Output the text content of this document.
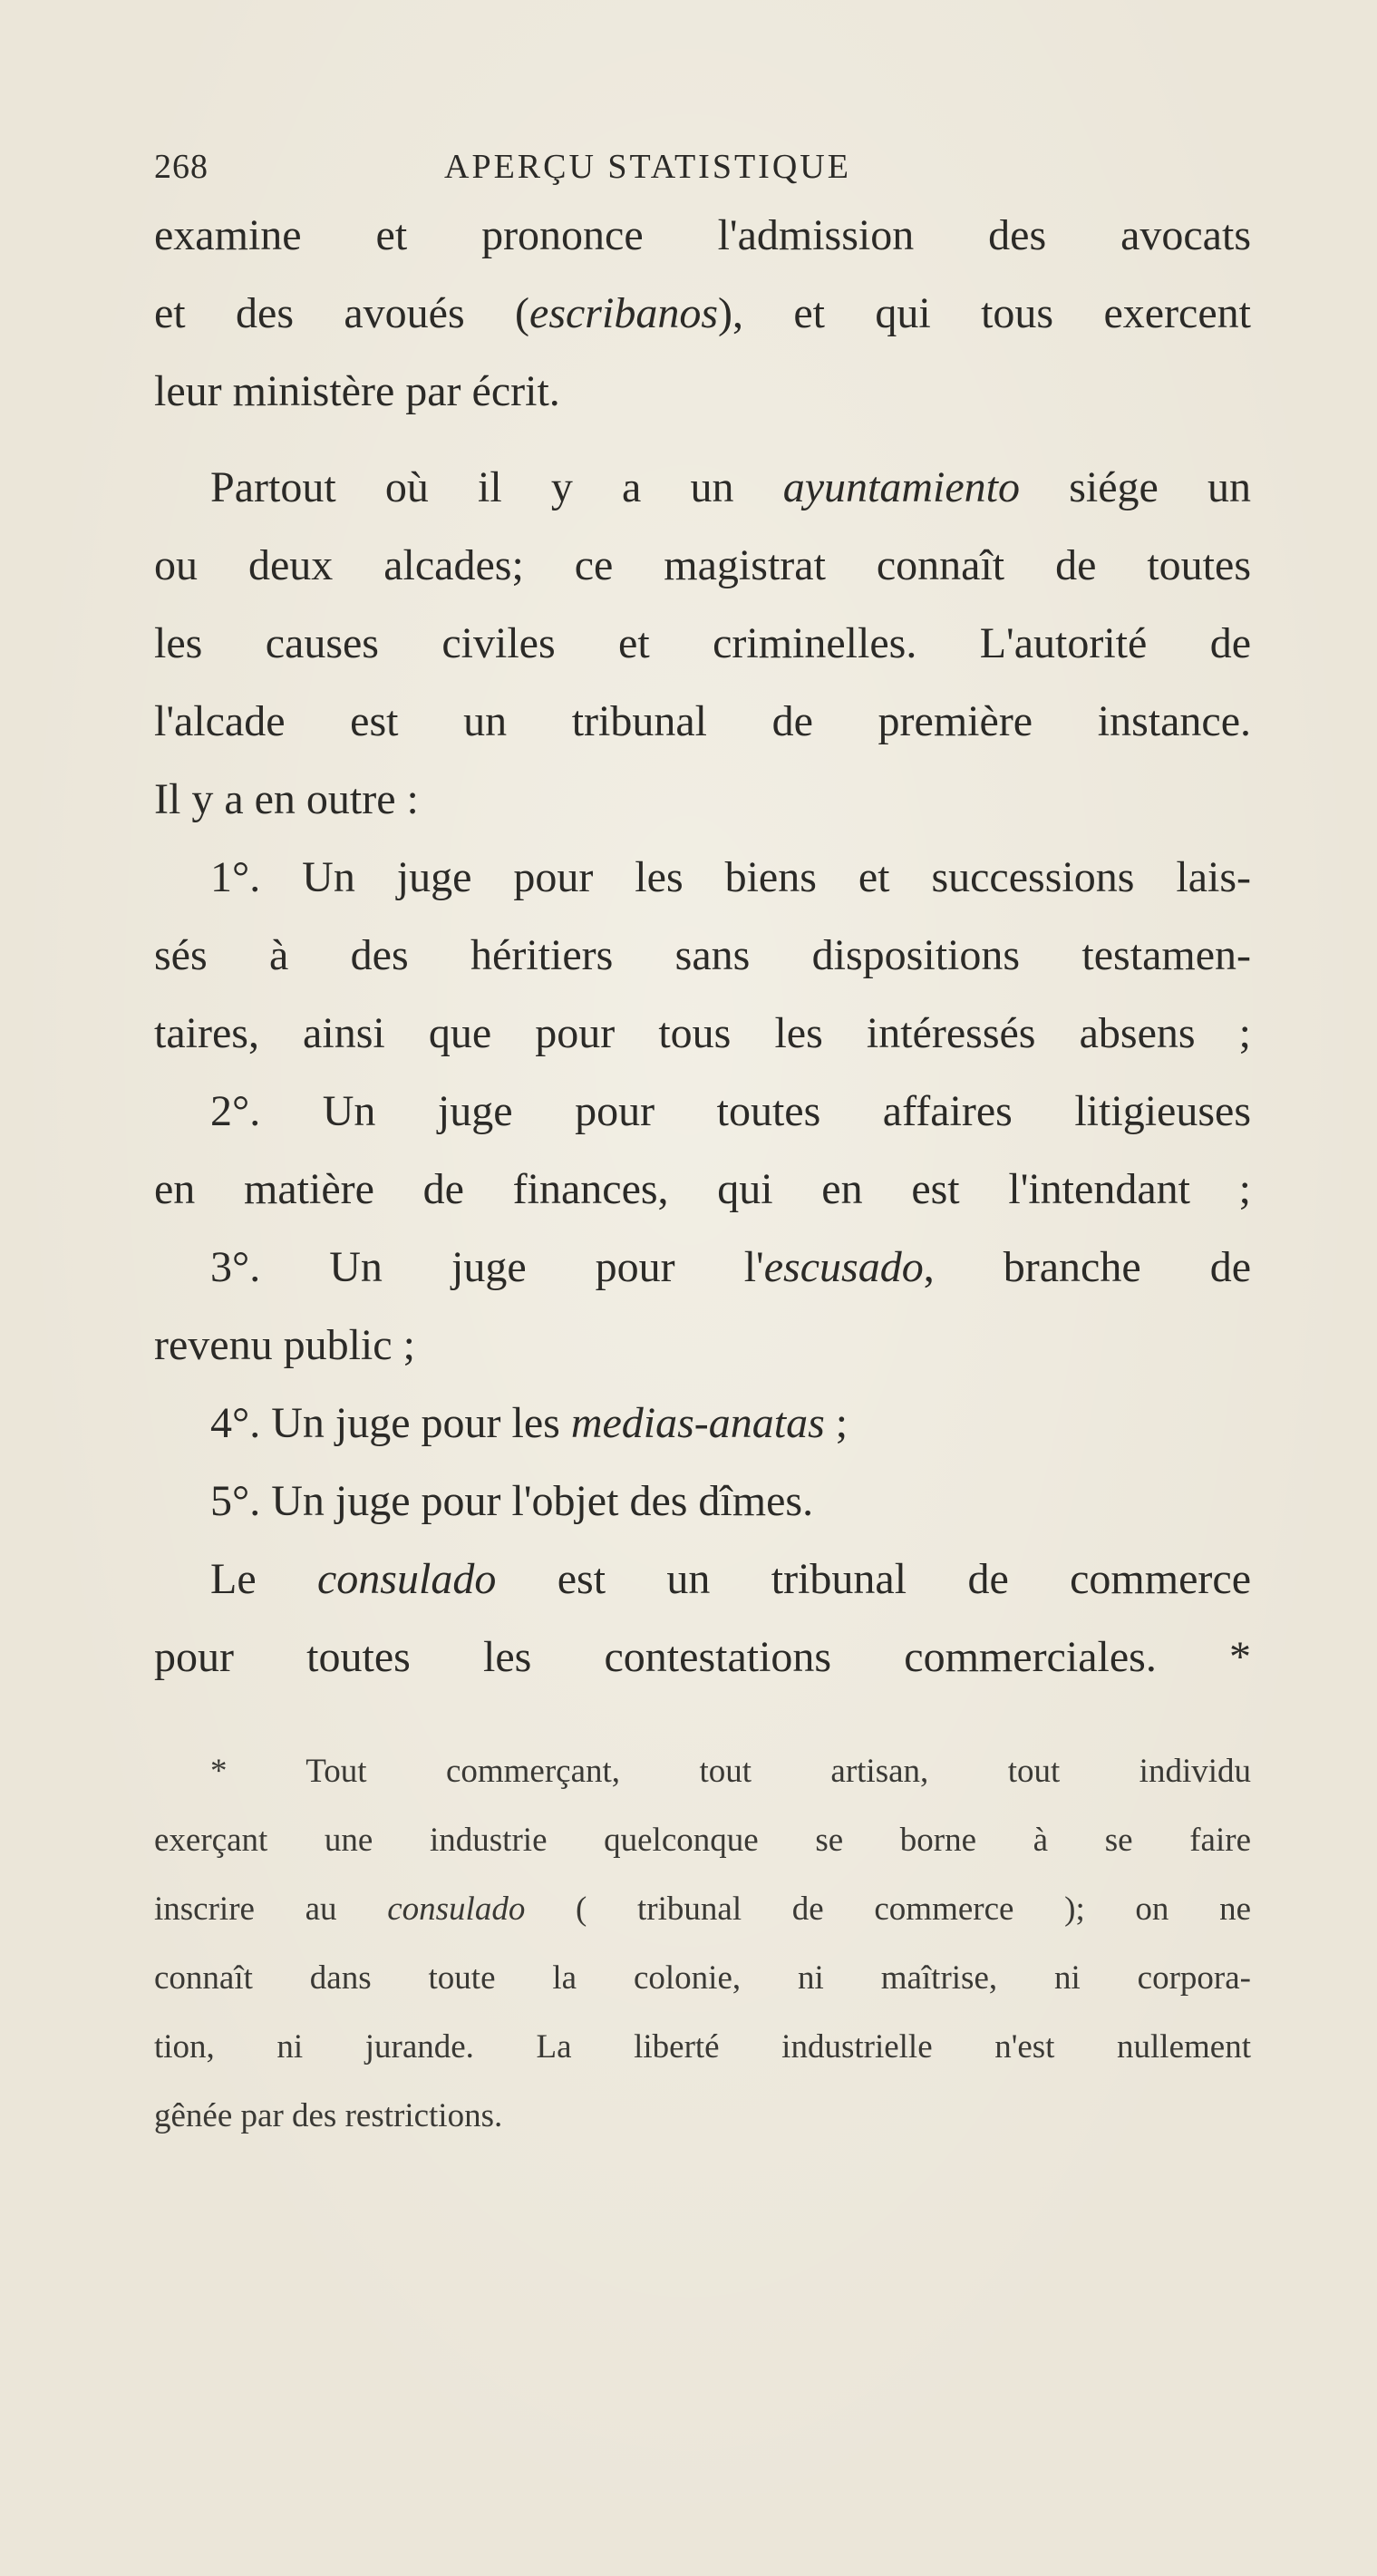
268	APERÇU STATISTIQUE
examine et prononce l'admission des avocats
et des avoués (escribanos), et qui tous exercent
leur ministère par écrit.
Partout où il y a un ayuntamiento siége un
ou deux alcades; ce magistrat connaît de toutes
les causes civiles et criminelles. L'autorité de
l'alcade est un tribunal de première instance.
Il y a en outre :
1°. Un juge pour les biens et successions lais-
sés à des héritiers sans dispositions testamen-
taires, ainsi que pour tous les intéressés absens ;
2°. Un juge pour toutes affaires litigieuses
en matière de finances, qui en est l'intendant ;
3°. Un juge pour l'escusado, branche de
revenu public ;
4°. Un juge pour les medias-anatas ;
5°. Un juge pour l'objet des dîmes.
Le consulado est un tribunal de commerce
pour toutes les contestations commerciales. *
* Tout commerçant, tout artisan, tout individu
exerçant une industrie quelconque se borne à se faire
inscrire au consulado ( tribunal de commerce ); on ne
connaît dans toute la colonie, ni maîtrise, ni corpora-
tion, ni jurande. La liberté industrielle n'est nullement
gênée par des restrictions.
